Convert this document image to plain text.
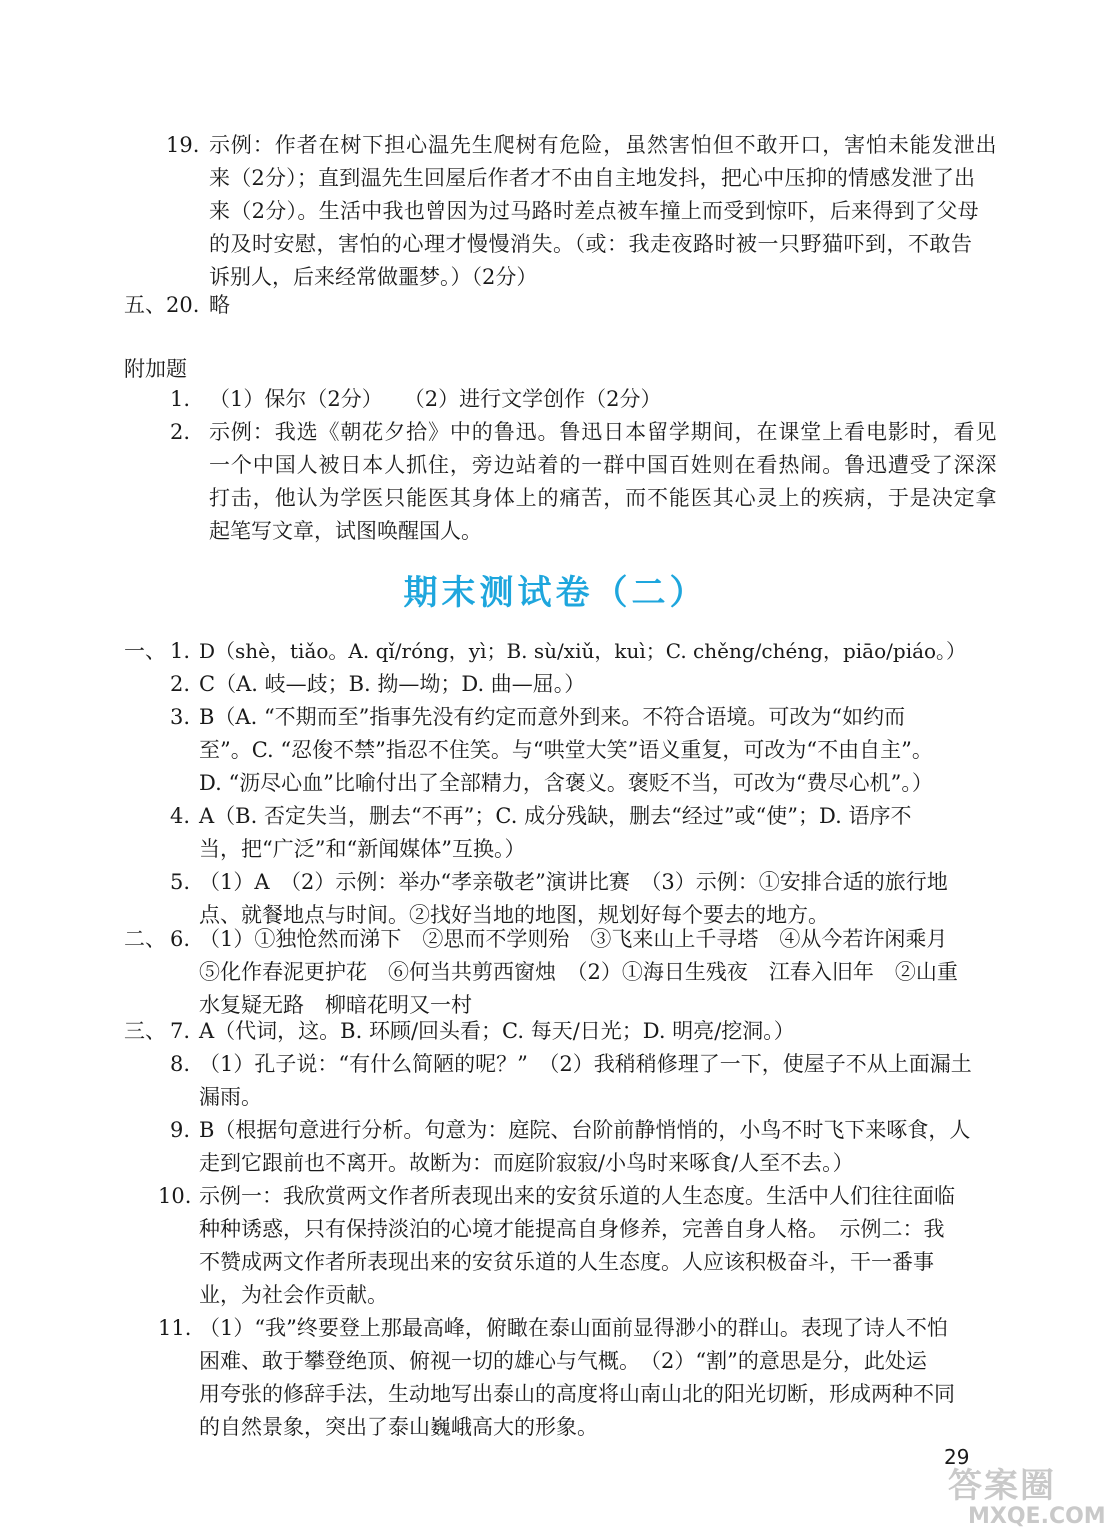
19. 示例：作者在树下担心温先生爬树有危险，虽然害怕但不敢开口，害怕未能发泄出
来（2分）；直到温先生回屋后作者才不由自主地发抖，把心中压抑的情感发泄了出
来（2分）。生活中我也曾因为过马路时差点被车撞上而受到惊吓，后来得到了父母
的及时安慰，害怕的心理才慢慢消失。（或：我走夜路时被一只野猫吓到，不敢告
诉别人，后来经常做噩梦。）（2分）
五、20. 略
附加题
1. （1）保尔（2分）　　（2）进行文学创作（2分）
2. 示例：我选《朝花夕拾》中的鲁迅。鲁迅日本留学期间，在课堂上看电影时，看见
一个中国人被日本人抓住，旁边站着的一群中国百姓则在看热闹。鲁迅遭受了深深
打击，他认为学医只能医其身体上的痛苦，而不能医其心灵上的疾病，于是决定拿
起笔写文章，试图唤醒国人。
期末测试卷（二）
一、 1. D（shè，tiǎo。A. qǐ/róng，yì；B. sù/xiǔ，kuì；C. chěng/chéng，piāo/piáo。）
2. C（A. 岐—歧；B. 拗—坳；D. 曲—屈。）
3. B（A. “不期而至”指事先没有约定而意外到来。不符合语境。可改为“如约而
至”。C. “忍俊不禁”指忍不住笑。与“哄堂大笑”语义重复，可改为“不由自主”。
D. “沥尽心血”比喻付出了全部精力，含褒义。褒贬不当，可改为“费尽心机”。）
4. A（B. 否定失当，删去“不再”；C. 成分残缺，删去“经过”或“使”；D. 语序不
当，把“广泛”和“新闻媒体”互换。）
5. （1）A　（2）示例：举办“孝亲敬老”演讲比赛　（3）示例：①安排合适的旅行地
点、就餐地点与时间。②找好当地的地图，规划好每个要去的地方。
二、 6. （1）①独怆然而涕下　②思而不学则殆　③飞来山上千寻塔　④从今若许闲乘月
⑤化作春泥更护花　⑥何当共剪西窗烛　（2）①海日生残夜　江春入旧年　②山重
水复疑无路　柳暗花明又一村
三、 7. A（代词，这。B. 环顾/回头看；C. 每天/日光；D. 明亮/挖洞。）
8. （1）孔子说：“有什么简陋的呢？”　（2）我稍稍修理了一下，使屋子不从上面漏土
漏雨。
9. B（根据句意进行分析。句意为：庭院、台阶前静悄悄的，小鸟不时飞下来啄食，人
走到它跟前也不离开。故断为：而庭阶寂寂/小鸟时来啄食/人至不去。）
10. 示例一：我欣赏两文作者所表现出来的安贫乐道的人生态度。生活中人们往往面临
种种诱惑，只有保持淡泊的心境才能提高自身修养，完善自身人格。　示例二：我
不赞成两文作者所表现出来的安贫乐道的人生态度。人应该积极奋斗，干一番事
业，为社会作贡献。
11. （1）“我”终要登上那最高峰，俯瞰在泰山面前显得渺小的群山。表现了诗人不怕
困难、敢于攀登绝顶、俯视一切的雄心与气概。　（2）“割”的意思是分，此处运
用夸张的修辞手法，生动地写出泰山的高度将山南山北的阳光切断，形成两种不同
的自然景象，突出了泰山巍峨高大的形象。
29
答案圈
MXQE.COM
